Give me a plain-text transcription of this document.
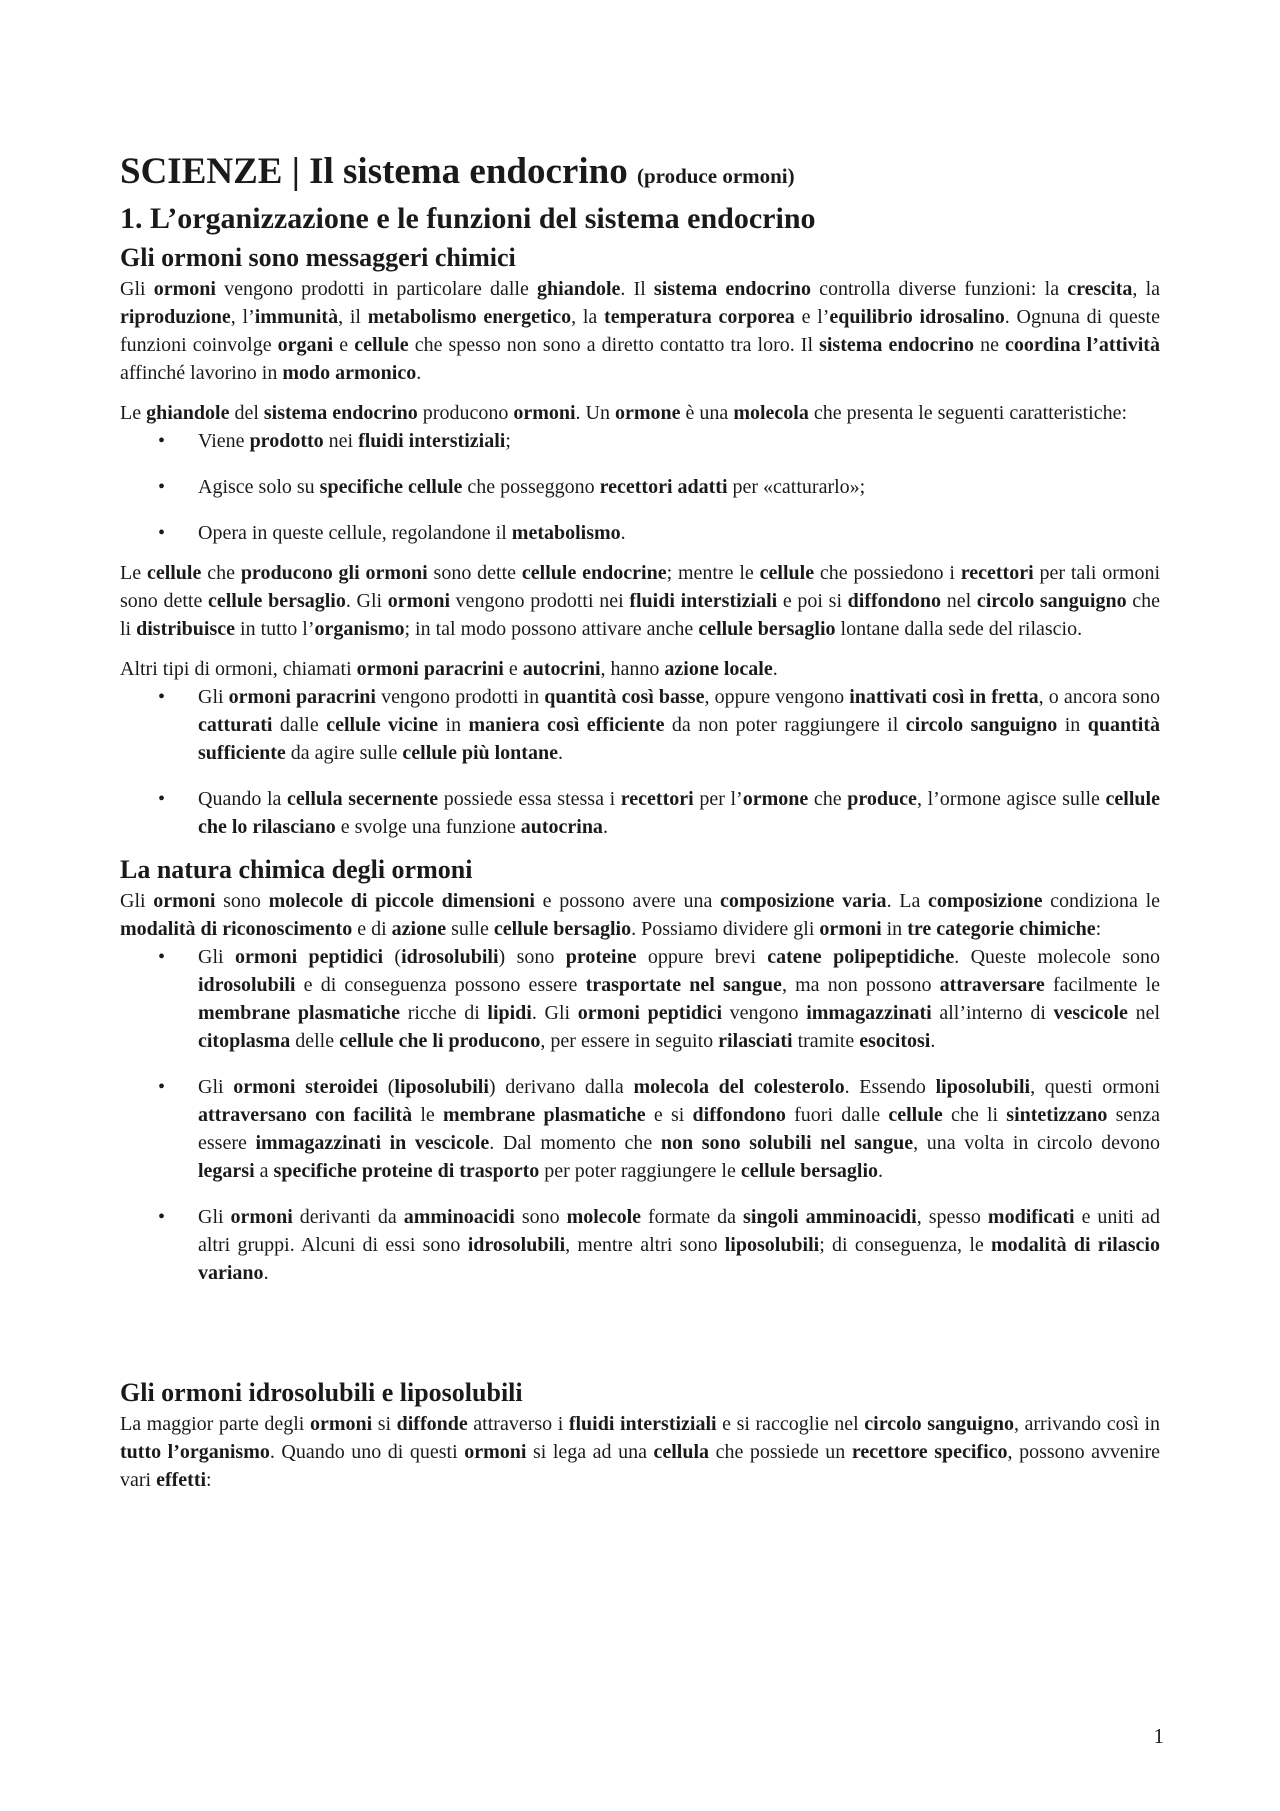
SCIENZE | Il sistema endocrino (produce ormoni)
1. L’organizzazione e le funzioni del sistema endocrino
Gli ormoni sono messaggeri chimici

Gli ormoni vengono prodotti in particolare dalle ghiandole. Il sistema endocrino controlla diverse funzioni: la crescita, la riproduzione, l’immunità, il metabolismo energetico, la temperatura corporea e l’equilibrio idrosalino. Ognuna di queste funzioni coinvolge organi e cellule che spesso non sono a diretto contatto tra loro. Il sistema endocrino ne coordina l’attività affinché lavorino in modo armonico.

Le ghiandole del sistema endocrino producono ormoni. Un ormone è una molecola che presenta le seguenti caratteristiche:

• Viene prodotto nei fluidi interstiziali;
• Agisce solo su specifiche cellule che posseggono recettori adatti per «catturarlo»;
• Opera in queste cellule, regolandone il metabolismo.

Le cellule che producono gli ormoni sono dette cellule endocrine; mentre le cellule che possiedono i recettori per tali ormoni sono dette cellule bersaglio. Gli ormoni vengono prodotti nei fluidi interstiziali e poi si diffondono nel circolo sanguigno che li distribuisce in tutto l’organismo; in tal modo possono attivare anche cellule bersaglio lontane dalla sede del rilascio.

Altri tipi di ormoni, chiamati ormoni paracrini e autocrini, hanno azione locale.

• Gli ormoni paracrini vengono prodotti in quantità così basse, oppure vengono inattivati così in fretta, o ancora sono catturati dalle cellule vicine in maniera così efficiente da non poter raggiungere il circolo sanguigno in quantità sufficiente da agire sulle cellule più lontane.
• Quando la cellula secernente possiede essa stessa i recettori per l’ormone che produce, l’ormone agisce sulle cellule che lo rilasciano e svolge una funzione autocrina.
La natura chimica degli ormoni

Gli ormoni sono molecole di piccole dimensioni e possono avere una composizione varia. La composizione condiziona le modalità di riconoscimento e di azione sulle cellule bersaglio. Possiamo dividere gli ormoni in tre categorie chimiche:

• Gli ormoni peptidici (idrosolubili) sono proteine oppure brevi catene polipeptidiche. Queste molecole sono idrosolubili e di conseguenza possono essere trasportate nel sangue, ma non possono attraversare facilmente le membrane plasmatiche ricche di lipidi. Gli ormoni peptidici vengono immagazzinati all’interno di vescicole nel citoplasma delle cellule che li producono, per essere in seguito rilasciati tramite esocitosi.
• Gli ormoni steroidei (liposolubili) derivano dalla molecola del colesterolo. Essendo liposolubili, questi ormoni attraversano con facilità le membrane plasmatiche e si diffondono fuori dalle cellule che li sintetizzano senza essere immagazzinati in vescicole. Dal momento che non sono solubili nel sangue, una volta in circolo devono legarsi a specifiche proteine di trasporto per poter raggiungere le cellule bersaglio.
• Gli ormoni derivanti da amminoacidi sono molecole formate da singoli amminoacidi, spesso modificati e uniti ad altri gruppi. Alcuni di essi sono idrosolubili, mentre altri sono liposolubili; di conseguenza, le modalità di rilascio variano.
Gli ormoni idrosolubili e liposolubili

La maggior parte degli ormoni si diffonde attraverso i fluidi interstiziali e si raccoglie nel circolo sanguigno, arrivando così in tutto l’organismo. Quando uno di questi ormoni si lega ad una cellula che possiede un recettore specifico, possono avvenire vari effetti:

1
